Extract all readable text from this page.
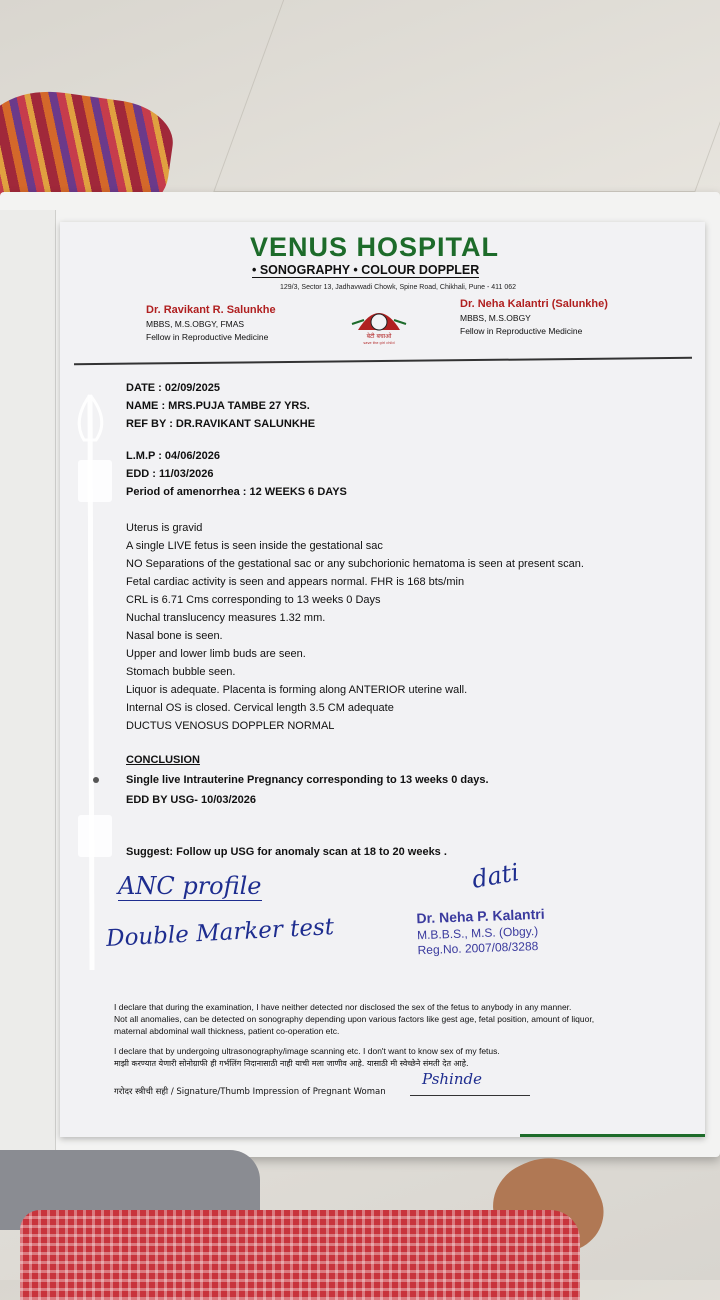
VENUS HOSPITAL
• SONOGRAPHY • COLOUR DOPPLER
129/3, Sector 13, Jadhavwadi Chowk, Spine Road, Chikhali, Pune - 411 062
Dr. Ravikant R. Salunkhe
MBBS, M.S.OBGY, FMAS
Fellow in Reproductive Medicine	बेटी बचाओ
save the girl child
Dr. Neha Kalantri (Salunkhe)
MBBS, M.S.OBGY
Fellow in Reproductive Medicine
DATE : 02/09/2025
NAME : MRS.PUJA TAMBE 27 YRS.
REF BY : DR.RAVIKANT SALUNKHE
L.M.P : 04/06/2026
EDD : 11/03/2026
Period of amenorrhea : 12 WEEKS 6 DAYS
Uterus is gravid
A single LIVE fetus is seen inside the gestational sac
NO Separations of the gestational sac or any subchorionic hematoma is seen at present scan.
Fetal cardiac activity is seen and appears normal. FHR is 168 bts/min
CRL is 6.71 Cms corresponding to 13 weeks 0 Days
Nuchal translucency measures 1.32 mm.
Nasal bone is seen.
Upper and lower limb buds are seen.
Stomach bubble seen.
Liquor is adequate. Placenta is forming along ANTERIOR uterine wall.
Internal OS is closed. Cervical length 3.5 CM adequate
DUCTUS VENOSUS DOPPLER NORMAL
CONCLUSION
Single live Intrauterine Pregnancy corresponding to 13 weeks 0 days.
EDD BY USG- 10/03/2026
Suggest: Follow up USG for anomaly scan at 18 to 20 weeks .
ANC profile
Double Marker test
dati
Dr. Neha P. Kalantri
M.B.B.S., M.S. (Obgy.)
Reg.No. 2007/08/3288
I declare that during the examination, I have neither detected nor disclosed the sex of the fetus to anybody in any manner.
Not all anomalies, can be detected on sonography depending upon various factors like gest age, fetal position, amount of liquor,
maternal abdominal wall thickness, patient co-operation etc.
I declare that by undergoing ultrasonography/image scanning etc. I don't want to know sex of my fetus.
माझी करण्यात येणारी सोनोग्राफी ही गर्भलिंग निदानासाठी नाही याची मला जाणीव आहे. यासाठी मी स्वेच्छेने संमती देत आहे.
गरोदर स्त्रीची सही / Signature/Thumb Impression of Pregnant Woman
Pshinde
